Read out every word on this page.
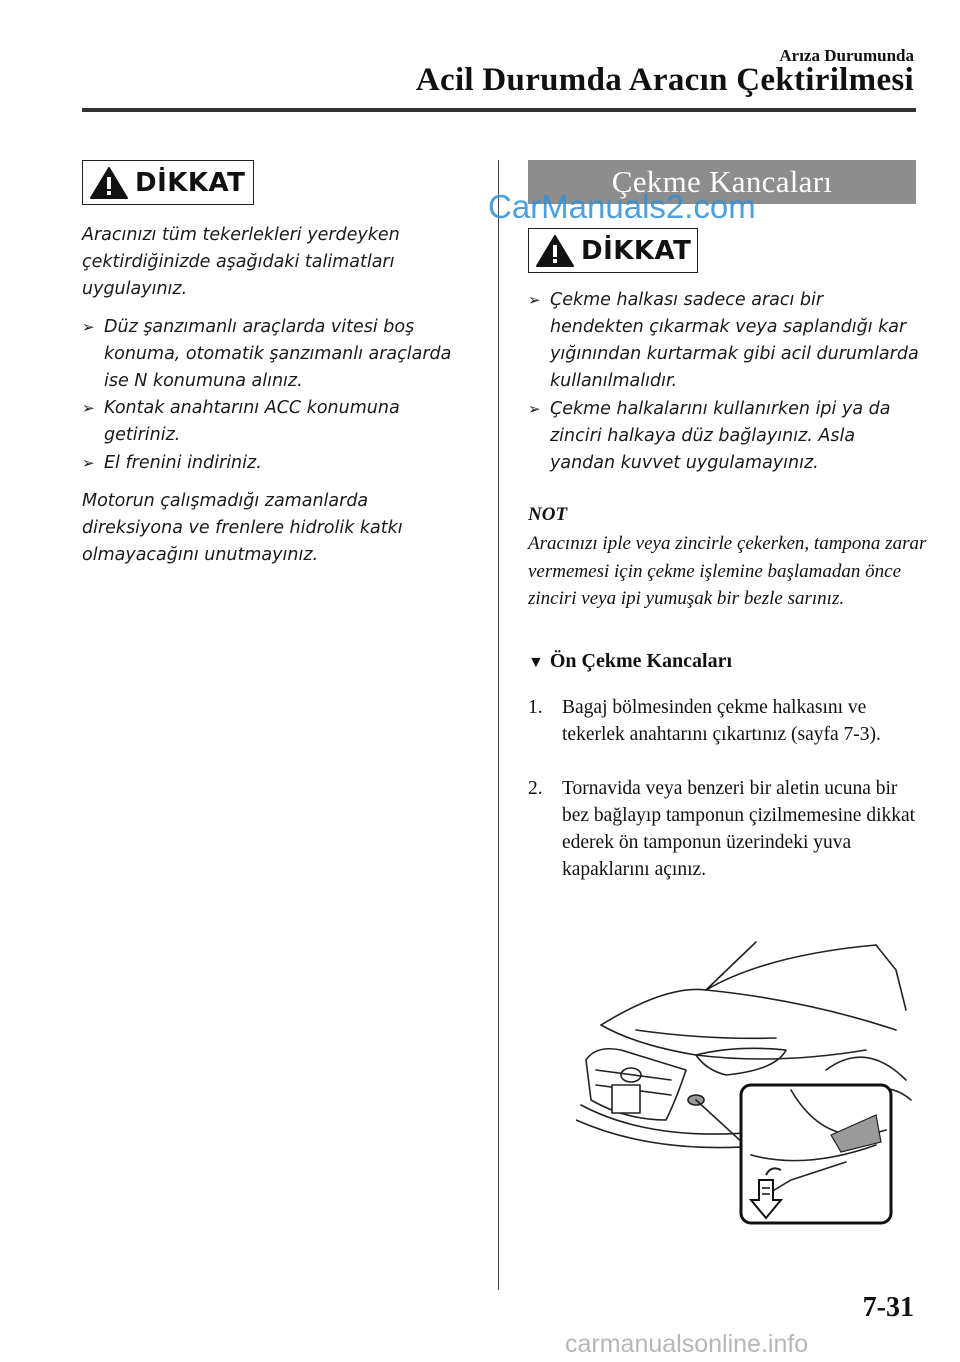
Arıza Durumunda
Acil Durumda Aracın Çektirilmesi
DİKKAT
Aracınızı tüm tekerlekleri yerdeyken çektirdiğinizde aşağıdaki talimatları uygulayınız.
➢ Düz şanzımanlı araçlarda vitesi boş konuma, otomatik şanzımanlı araçlarda ise N konumuna alınız.
➢ Kontak anahtarını ACC konumuna getiriniz.
➢ El frenini indiriniz.
Motorun çalışmadığı zamanlarda direksiyona ve frenlere hidrolik katkı olmayacağını unutmayınız.
Çekme Kancaları
CarManuals2.com
DİKKAT
➢ Çekme halkası sadece aracı bir hendekten çıkarmak veya saplandığı kar yığınından kurtarmak gibi acil durumlarda kullanılmalıdır.
➢ Çekme halkalarını kullanırken ipi ya da zinciri halkaya düz bağlayınız. Asla yandan kuvvet uygulamayınız.
NOT
Aracınızı iple veya zincirle çekerken, tampona zarar vermemesi için çekme işlemine başlamadan önce zinciri veya ipi yumuşak bir bezle sarınız.
▼ Ön Çekme Kancaları
1. Bagaj bölmesinden çekme halkasını ve tekerlek anahtarını çıkartınız (sayfa 7-3).
2. Tornavida veya benzeri bir aletin ucuna bir bez bağlayıp tamponun çizilmemesine dikkat ederek ön tamponun üzerindeki yuva kapaklarını açınız.
7-31
carmanualsonline.info
